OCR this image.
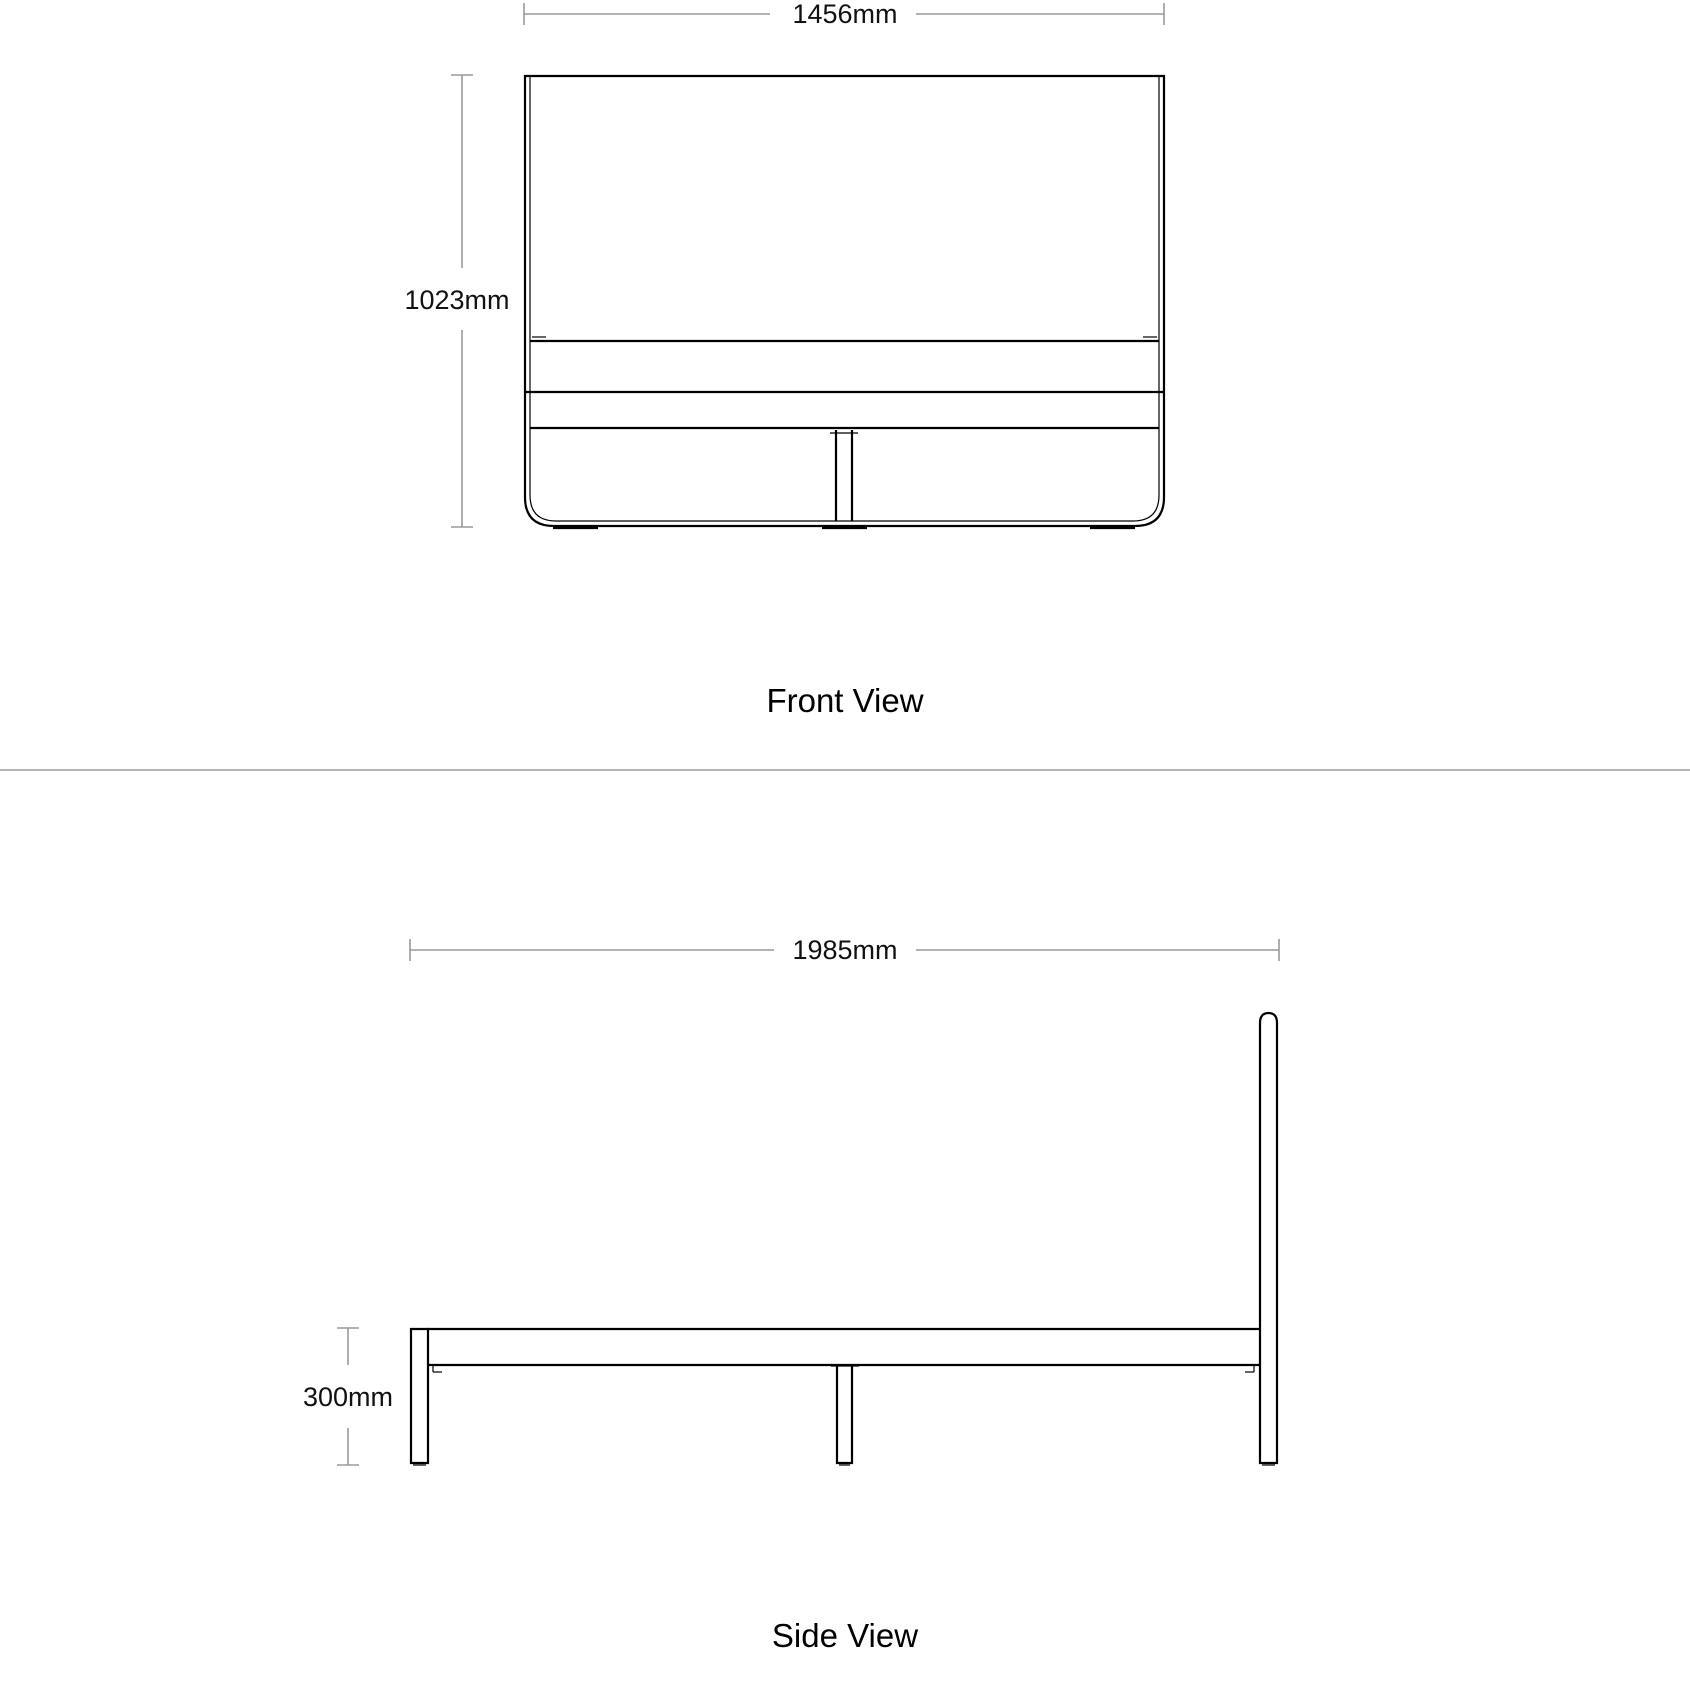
1456mm
1023mm
Front View
1985mm
300mm
Side View
